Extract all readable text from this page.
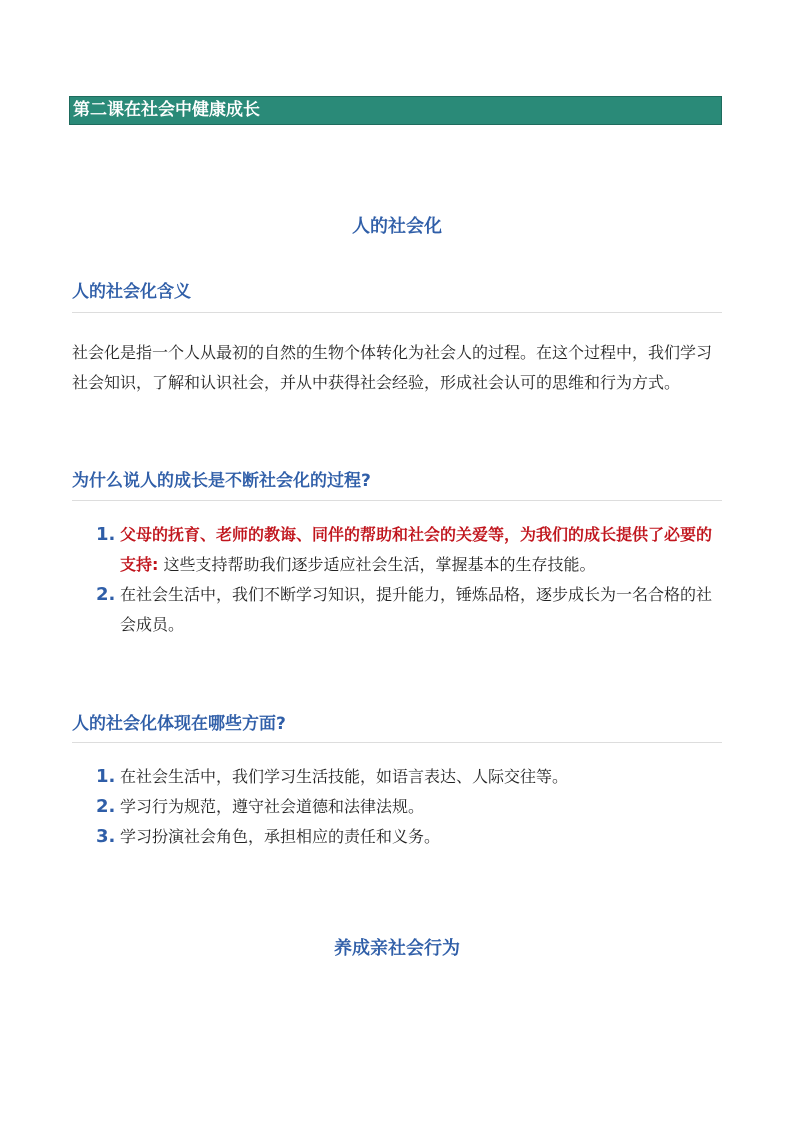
第二课在社会中健康成长
人的社会化
人的社会化含义

社会化是指一个人从最初的自然的生物个体转化为社会人的过程。在这个过程中，我们学习社会知识，了解和认识社会，并从中获得社会经验，形成社会认可的思维和行为方式。

为什么说人的成长是不断社会化的过程?
1. 父母的抚育、老师的教诲、同伴的帮助和社会的关爱等，为我们的成长提供了必要的支持: 这些支持帮助我们逐步适应社会生活，掌握基本的生存技能。
2. 在社会生活中，我们不断学习知识，提升能力，锤炼品格，逐步成长为一名合格的社会成员。
人的社会化体现在哪些方面?
1. 在社会生活中，我们学习生活技能，如语言表达、人际交往等。
2. 学习行为规范，遵守社会道德和法律法规。
3. 学习扮演社会角色，承担相应的责任和义务。
养成亲社会行为
